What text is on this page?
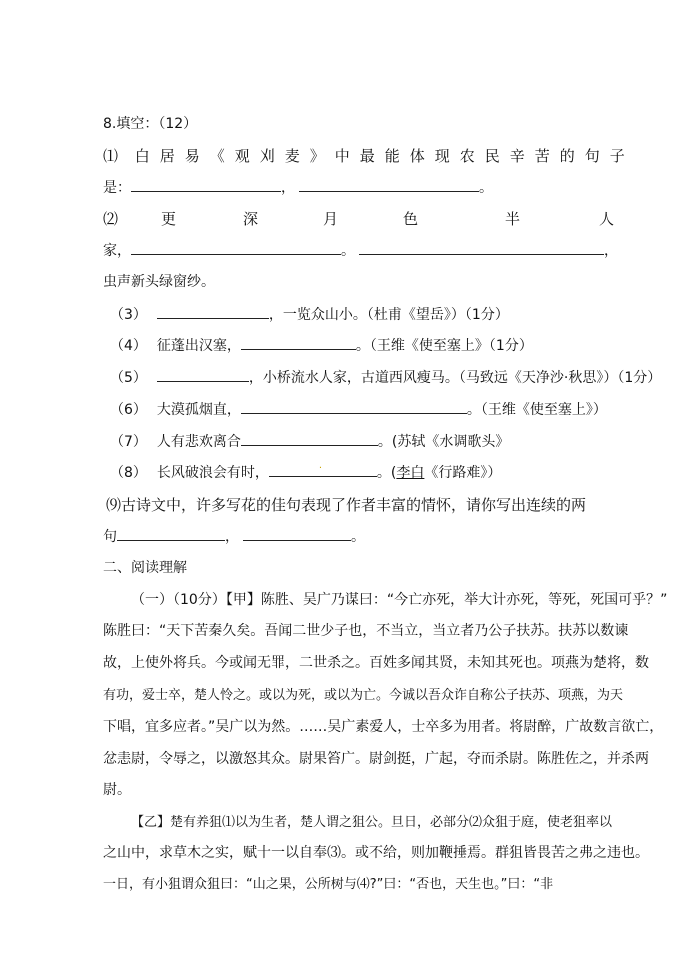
8.填空：（12）
⑴ 白居易《观刈麦》中最能体现农民辛苦的句子
是：	，	。
⑵	更	深	月	色	半	人
家，	。	，
虫声新头绿窗纱。
（3）	，一览众山小。（杜甫《望岳》）（1分）
（4） 征蓬出汉塞，	。（王维《使至塞上》（1分）
（5）	，小桥流水人家，古道西风瘦马。（马致远《天净沙·秋思》）（1分）
（6） 大漠孤烟直，	。（王维《使至塞上》）
（7） 人有悲欢离合	。(苏轼《水调歌头》
（8） 长风破浪会有时，	.	。(李白《行路难》）
⑼古诗文中，许多写花的佳句表现了作者丰富的情怀，请你写出连续的两
句	，	。
二、阅读理解
（一）（10分）【甲】陈胜、吴广乃谋曰：“今亡亦死，举大计亦死，等死，死国可乎？”
陈胜曰：“天下苦秦久矣。吾闻二世少子也，不当立，当立者乃公子扶苏。扶苏以数谏
故，上使外将兵。今或闻无罪，二世杀之。百姓多闻其贤，未知其死也。项燕为楚将，数
有功，爱士卒，楚人怜之。或以为死，或以为亡。今诚以吾众诈自称公子扶苏、项燕，为天
下唱，宜多应者。”吴广以为然。……吴广素爱人，士卒多为用者。将尉醉，广故数言欲亡，
忿恚尉，令辱之，以激怒其众。尉果笞广。尉剑挺，广起，夺而杀尉。陈胜佐之，并杀两
尉。
【乙】楚有养狙⑴以为生者，楚人谓之狙公。旦日，必部分⑵众狙于庭，使老狙率以
之山中，求草木之实，赋十一以自奉⑶。或不给，则加鞭捶焉。群狙皆畏苦之弗之违也。
一日，有小狙谓众狙曰：“山之果，公所树与⑷?”曰：“否也，天生也。”曰：“非
